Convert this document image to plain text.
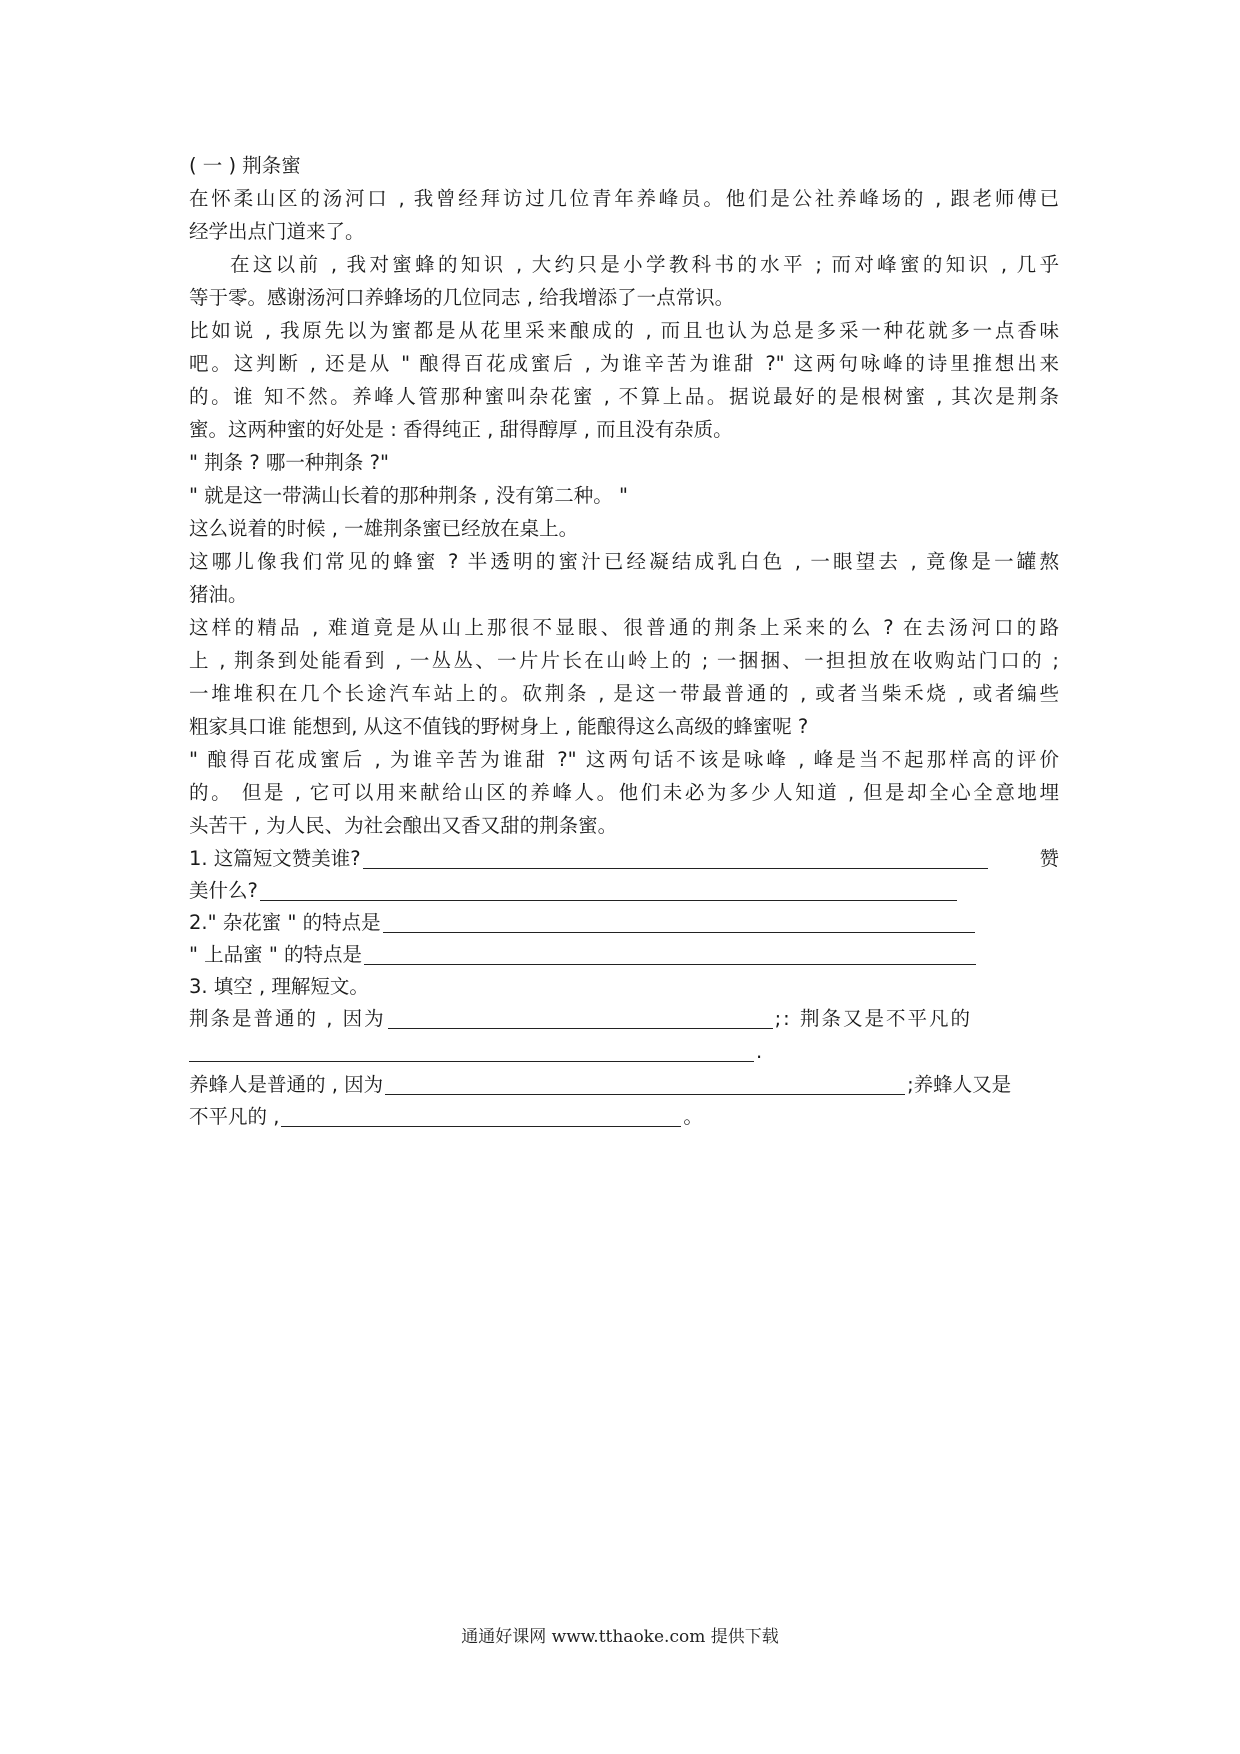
( 一 ) 荆条蜜
在怀柔山区的汤河口 , 我曾经拜访过几位青年养峰员。他们是公社养峰场的 , 跟老师傅已
经学出点门道来了。
在这以前 , 我对蜜蜂的知识 , 大约只是小学教科书的水平 ; 而对峰蜜的知识 , 几乎
等于零。感谢汤河口养蜂场的几位同志 , 给我增添了一点常识。
比如说 , 我原先以为蜜都是从花里采来酿成的 , 而且也认为总是多采一种花就多一点香味
吧。这判断 , 还是从 " 酿得百花成蜜后 , 为谁辛苦为谁甜 ?" 这两句咏峰的诗里推想出来
的。谁 知不然。养峰人管那种蜜叫杂花蜜 , 不算上品。据说最好的是根树蜜 , 其次是荆条
蜜。这两种蜜的好处是 : 香得纯正 , 甜得醇厚 , 而且没有杂质。
" 荆条 ? 哪一种荆条 ?"
" 就是这一带满山长着的那种荆条 , 没有第二种。 "
这么说着的时候 , 一雄荆条蜜已经放在桌上。
这哪儿像我们常见的蜂蜜 ? 半透明的蜜汁已经凝结成乳白色 , 一眼望去 , 竟像是一罐熬
猪油。
这样的精品 , 难道竟是从山上那很不显眼、很普通的荆条上采来的么 ? 在去汤河口的路
上 , 荆条到处能看到 , 一丛丛、一片片长在山岭上的 ; 一捆捆、一担担放在收购站门口的 ;
一堆堆积在几个长途汽车站上的。砍荆条 , 是这一带最普通的 , 或者当柴禾烧 , 或者编些
粗家具口谁 能想到, 从这不值钱的野树身上 , 能酿得这么高级的蜂蜜呢 ?
" 酿得百花成蜜后 , 为谁辛苦为谁甜 ?" 这两句话不该是咏峰 , 峰是当不起那样高的评价
的。 但是 , 它可以用来献给山区的养峰人。他们未必为多少人知道 , 但是却全心全意地埋
头苦干 , 为人民、为社会酿出又香又甜的荆条蜜。
1. 这篇短文赞美谁?	赞
美什么?
2." 杂花蜜 " 的特点是
" 上品蜜 " 的特点是
3. 填空 , 理解短文。
荆条是普通的 , 因为	;: 荆条又是不平凡的
.
养蜂人是普通的 , 因为	;养蜂人又是
不平凡的 ,	。
通通好课网 www.tthaoke.com 提供下载
